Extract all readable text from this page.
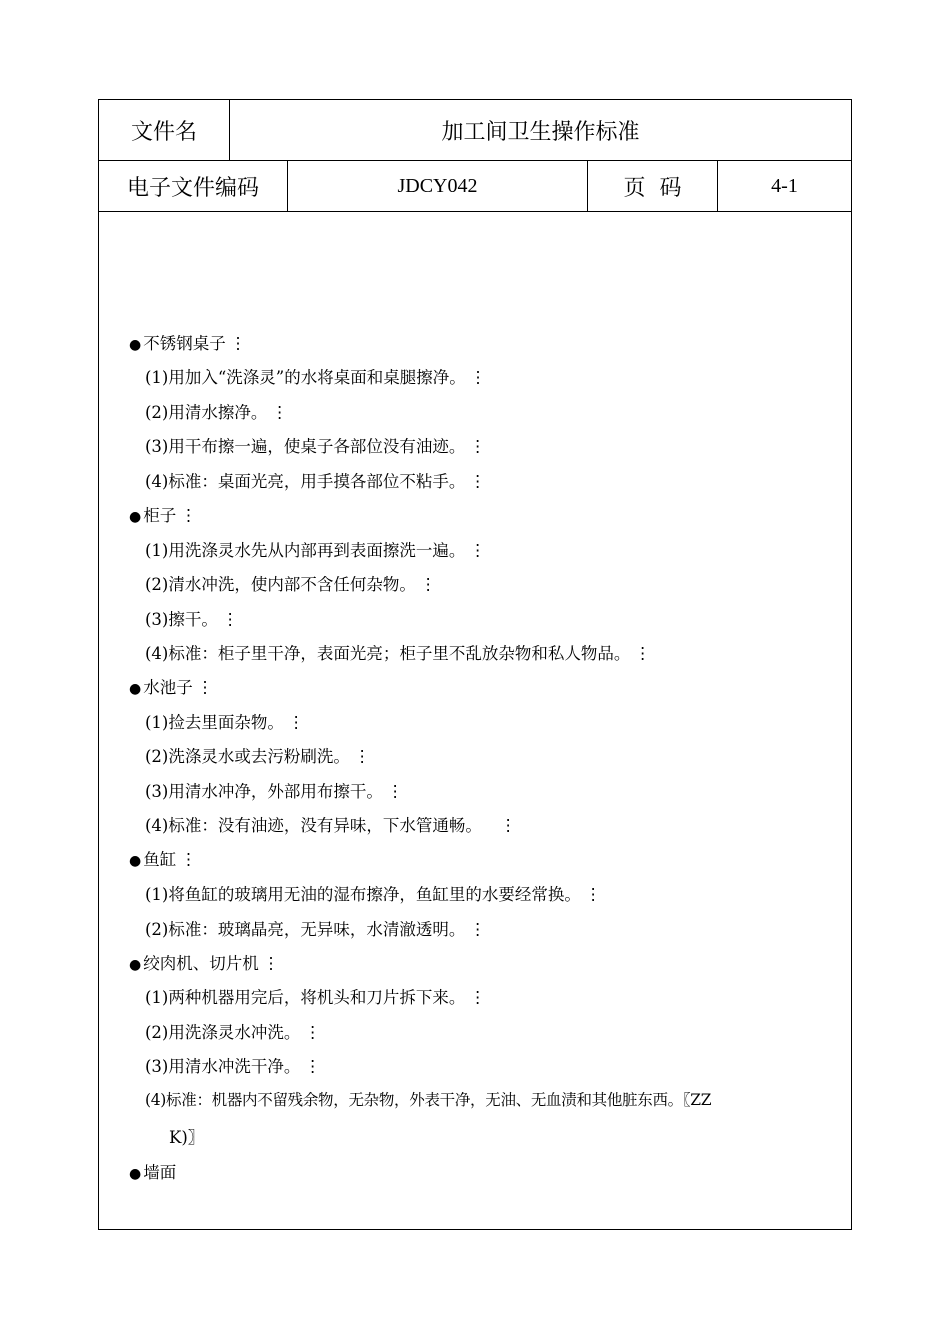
文件名	加工间卫生操作标准
电子文件编码	JDCY042	页  码	4-1
● 不锈钢桌子 ⋮
(1)用加入“洗涤灵”的水将桌面和桌腿擦净。 ⋮
(2)用清水擦净。 ⋮
(3)用干布擦一遍，使桌子各部位没有油迹。 ⋮
(4)标准：桌面光亮，用手摸各部位不粘手。 ⋮
● 柜子 ⋮
(1)用洗涤灵水先从内部再到表面擦洗一遍。 ⋮
(2)清水冲洗，使内部不含任何杂物。 ⋮
(3)擦干。 ⋮
(4)标准：柜子里干净，表面光亮；柜子里不乱放杂物和私人物品。 ⋮
● 水池子 ⋮
(1)捡去里面杂物。 ⋮
(2)洗涤灵水或去污粉刷洗。 ⋮
(3)用清水冲净，外部用布擦干。 ⋮
(4)标准：没有油迹，没有异味，下水管通畅。 ⋮
● 鱼缸 ⋮
(1)将鱼缸的玻璃用无油的湿布擦净，鱼缸里的水要经常换。 ⋮
(2)标准：玻璃晶亮，无异味，水清澈透明。 ⋮
● 绞肉机、切片机 ⋮
(1)两种机器用完后，将机头和刀片拆下来。 ⋮
(2)用洗涤灵水冲洗。 ⋮
(3)用清水冲洗干净。 ⋮
(4)标准：机器内不留残余物，无杂物，外表干净，无油、无血渍和其他脏东西。〖ZZ
K)〗
● 墙面
